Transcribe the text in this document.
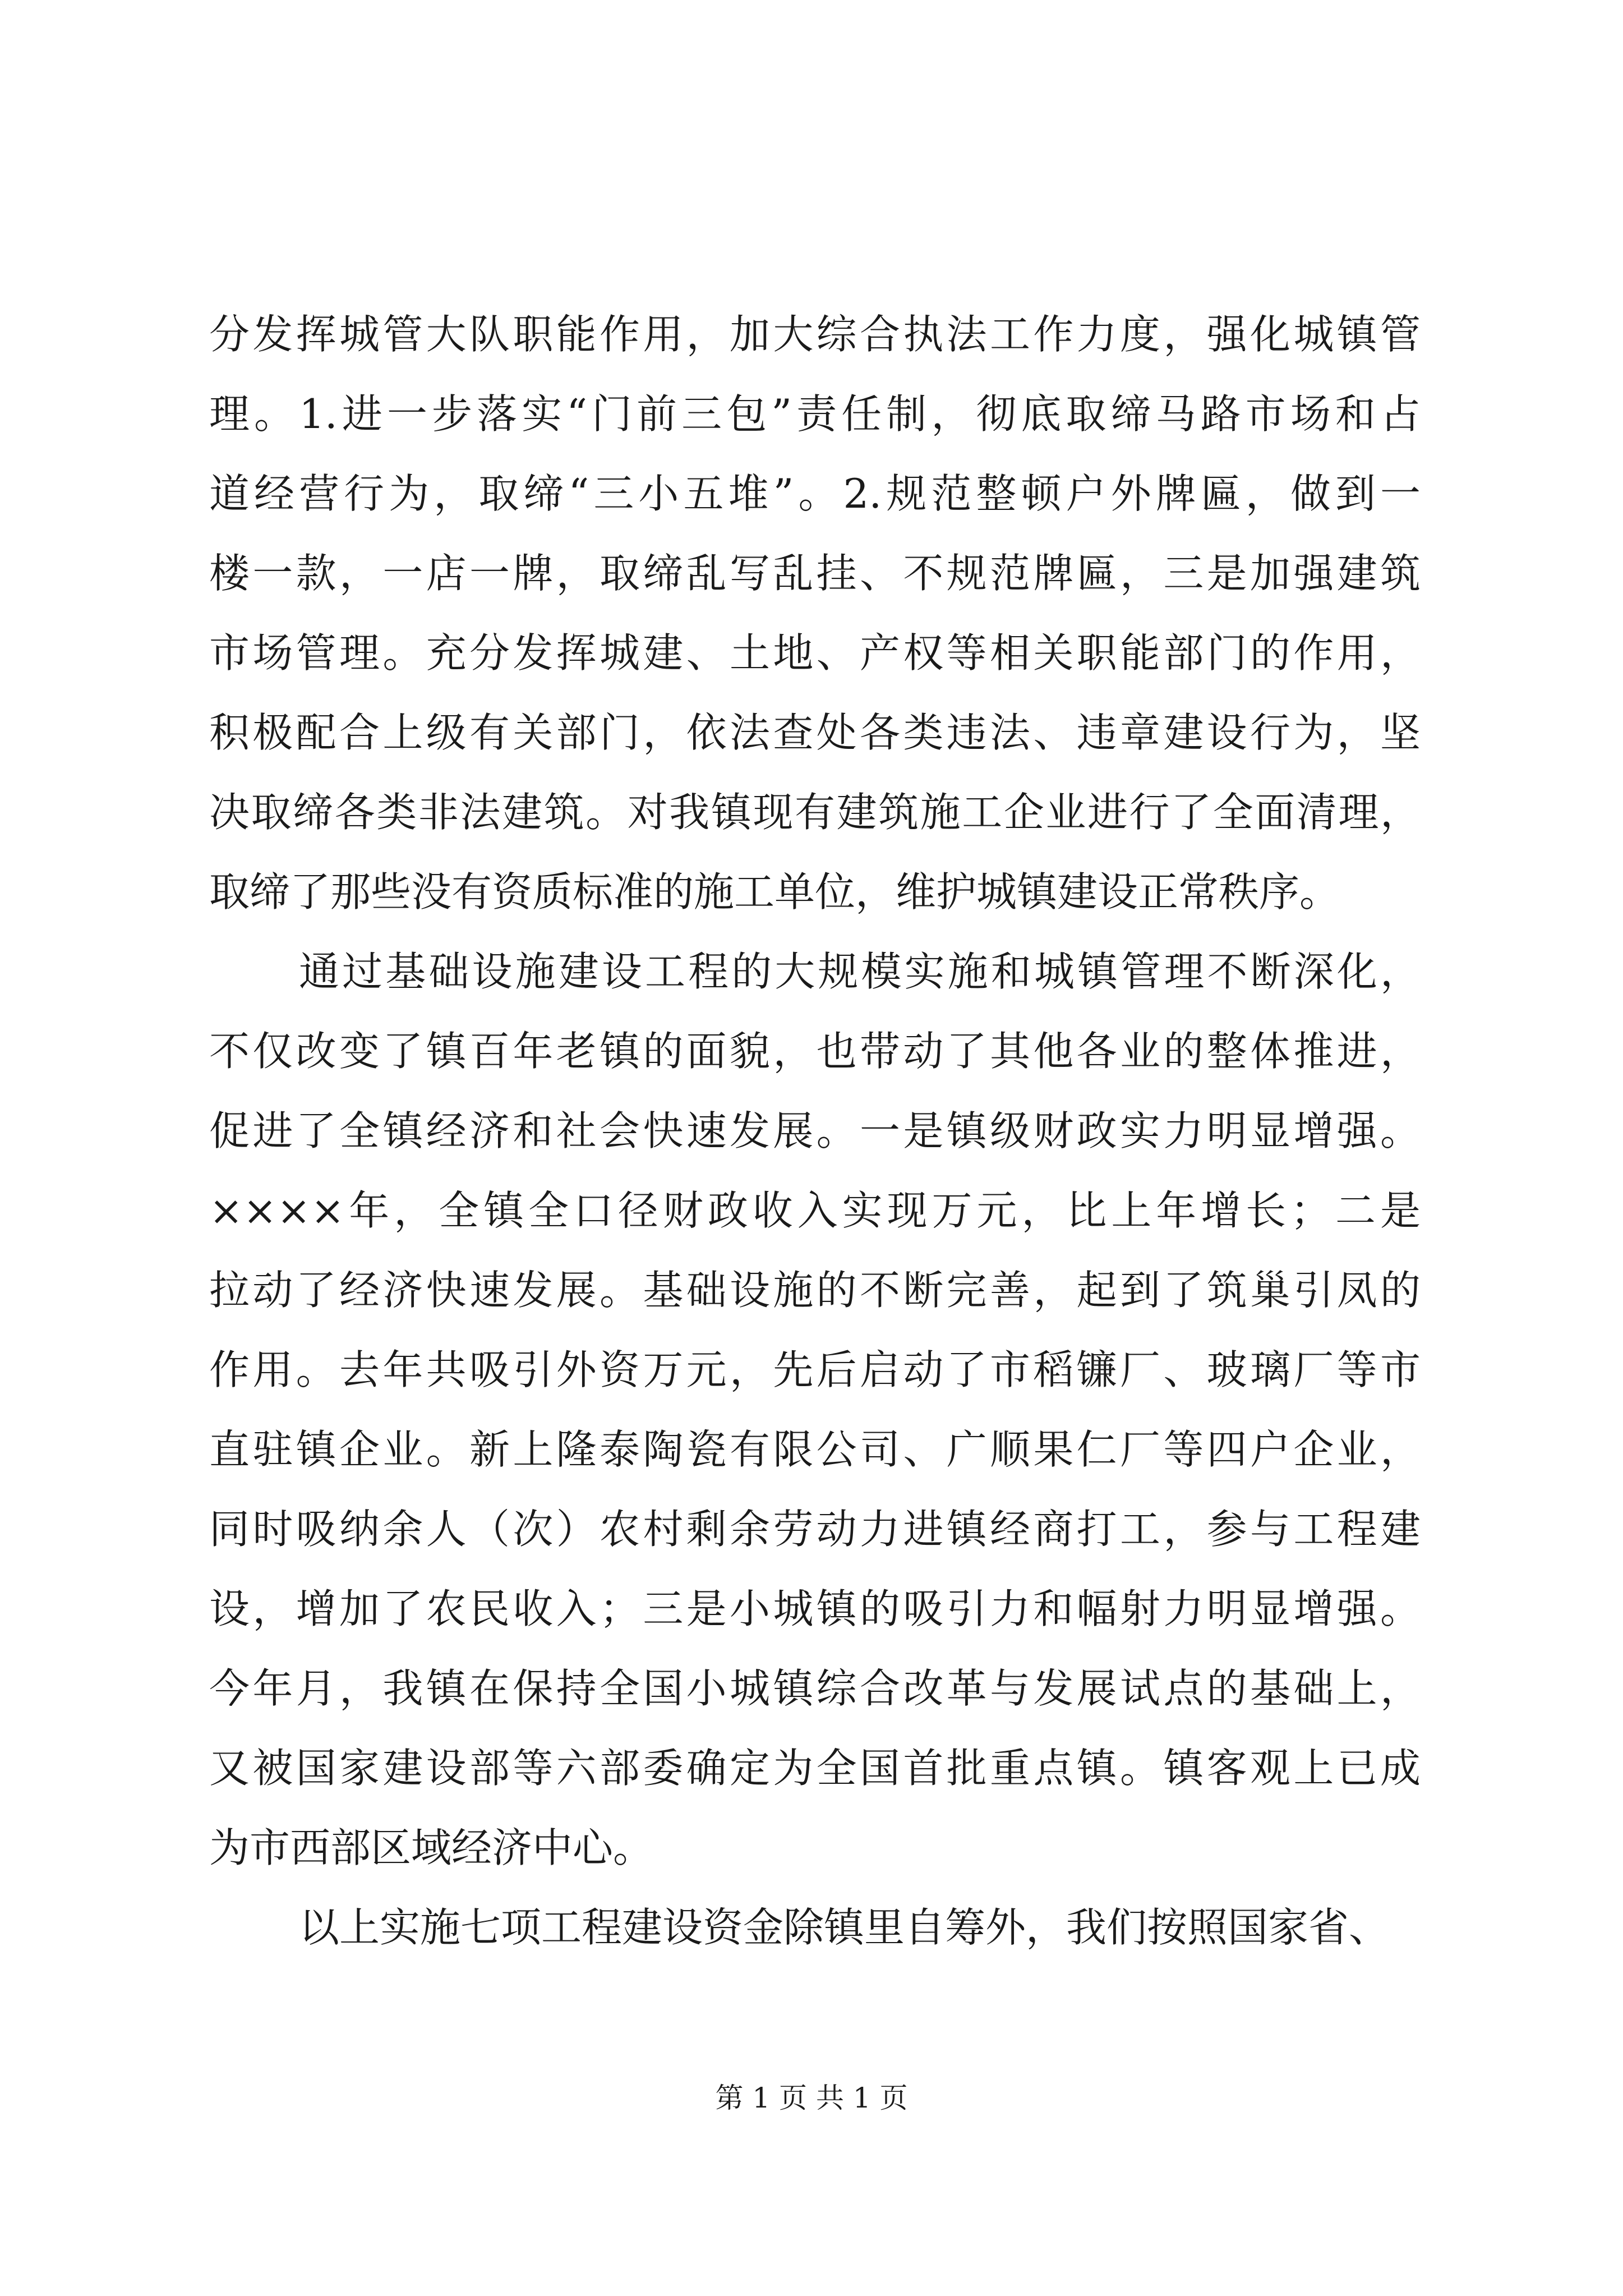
分发挥城管大队职能作用，加大综合执法工作力度，强化城镇管
理。1.进一步落实“门前三包”责任制，彻底取缔马路市场和占
道经营行为，取缔“三小五堆”。2.规范整顿户外牌匾，做到一
楼一款，一店一牌，取缔乱写乱挂、不规范牌匾，三是加强建筑
市场管理。充分发挥城建、土地、产权等相关职能部门的作用，
积极配合上级有关部门，依法查处各类违法、违章建设行为，坚
决取缔各类非法建筑。对我镇现有建筑施工企业进行了全面清理，
取缔了那些没有资质标准的施工单位，维护城镇建设正常秩序。
通过基础设施建设工程的大规模实施和城镇管理不断深化，
不仅改变了镇百年老镇的面貌，也带动了其他各业的整体推进，
促进了全镇经济和社会快速发展。一是镇级财政实力明显增强。
××××年，全镇全口径财政收入实现万元，比上年增长；二是
拉动了经济快速发展。基础设施的不断完善，起到了筑巢引凤的
作用。去年共吸引外资万元，先后启动了市稻镰厂、玻璃厂等市
直驻镇企业。新上隆泰陶瓷有限公司、广顺果仁厂等四户企业，
同时吸纳余人（次）农村剩余劳动力进镇经商打工，参与工程建
设，增加了农民收入；三是小城镇的吸引力和幅射力明显增强。
今年月，我镇在保持全国小城镇综合改革与发展试点的基础上，
又被国家建设部等六部委确定为全国首批重点镇。镇客观上已成
为市西部区域经济中心。
以上实施七项工程建设资金除镇里自筹外，我们按照国家省、
第 1 页 共 1 页
